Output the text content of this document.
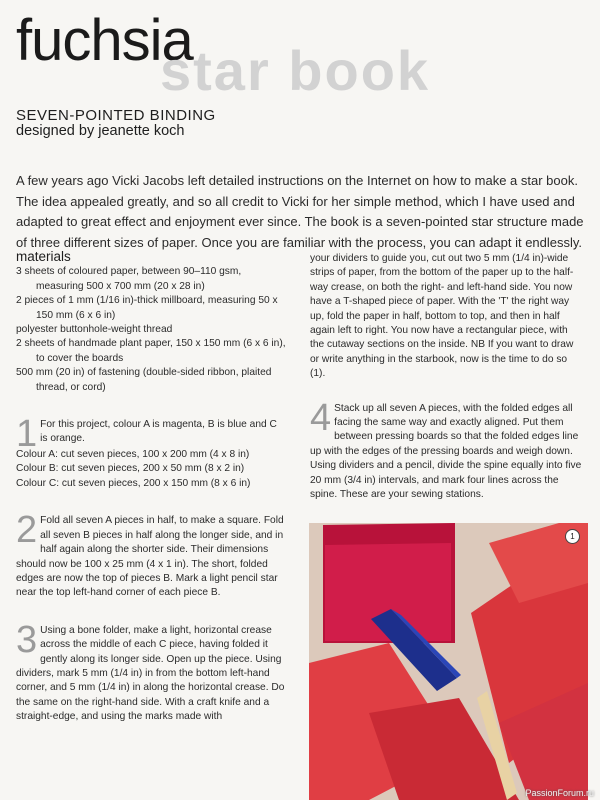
fuchsia
star book
SEVEN-POINTED BINDING
designed by jeanette koch

A few years ago Vicki Jacobs left detailed instructions on the Internet on how to make a star book. The idea appealed greatly, and so all credit to Vicki for her simple method, which I have used and adapted to great effect and enjoyment ever since. The book is a seven-pointed star structure made of three different sizes of paper. Once you are familiar with the process, you can adapt it endlessly.

materials
3 sheets of coloured paper, between 90–110 gsm, measuring 500 x 700 mm (20 x 28 in)
2 pieces of 1 mm (1/16 in)-thick millboard, measuring 50 x 150 mm (6 x 6 in)
polyester buttonhole-weight thread
2 sheets of handmade plant paper, 150 x 150 mm (6 x 6 in), to cover the boards
500 mm (20 in) of fastening (double-sided ribbon, plaited thread, or cord)
1 For this project, colour A is magenta, B is blue and C is orange.

Colour A: cut seven pieces, 100 x 200 mm (4 x 8 in)
Colour B: cut seven pieces, 200 x 50 mm (8 x 2 in)
Colour C: cut seven pieces, 200 x 150 mm (8 x 6 in)
2 Fold all seven A pieces in half, to make a square. Fold all seven B pieces in half along the longer side, and in half again along the shorter side. Their dimensions should now be 100 x 25 mm (4 x 1 in). The short, folded edges are now the top of pieces B. Mark a light pencil star near the top left-hand corner of each piece B.

3 Using a bone folder, make a light, horizontal crease across the middle of each C piece, having folded it gently along its longer side. Open up the piece. Using dividers, mark 5 mm (1/4 in) in from the bottom left-hand corner, and 5 mm (1/4 in) in along the horizontal crease. Do the same on the right-hand side. With a craft knife and a straight-edge, and using the marks made with

your dividers to guide you, cut out two 5 mm (1/4 in)-wide strips of paper, from the bottom of the paper up to the half-way crease, on both the right- and left-hand side. You now have a T-shaped piece of paper. With the 'T' the right way up, fold the paper in half, bottom to top, and then in half again left to right. You now have a rectangular piece, with the cutaway sections on the inside. NB If you want to draw or write anything in the starbook, now is the time to do so (1).

4 Stack up all seven A pieces, with the folded edges all facing the same way and exactly aligned. Put them between pressing boards so that the folded edges line up with the edges of the pressing boards and weigh down. Using dividers and a pencil, divide the spine equally into five 20 mm (3/4 in) intervals, and mark four lines across the spine. These are your sewing stations.

1
PassionForum.ru
